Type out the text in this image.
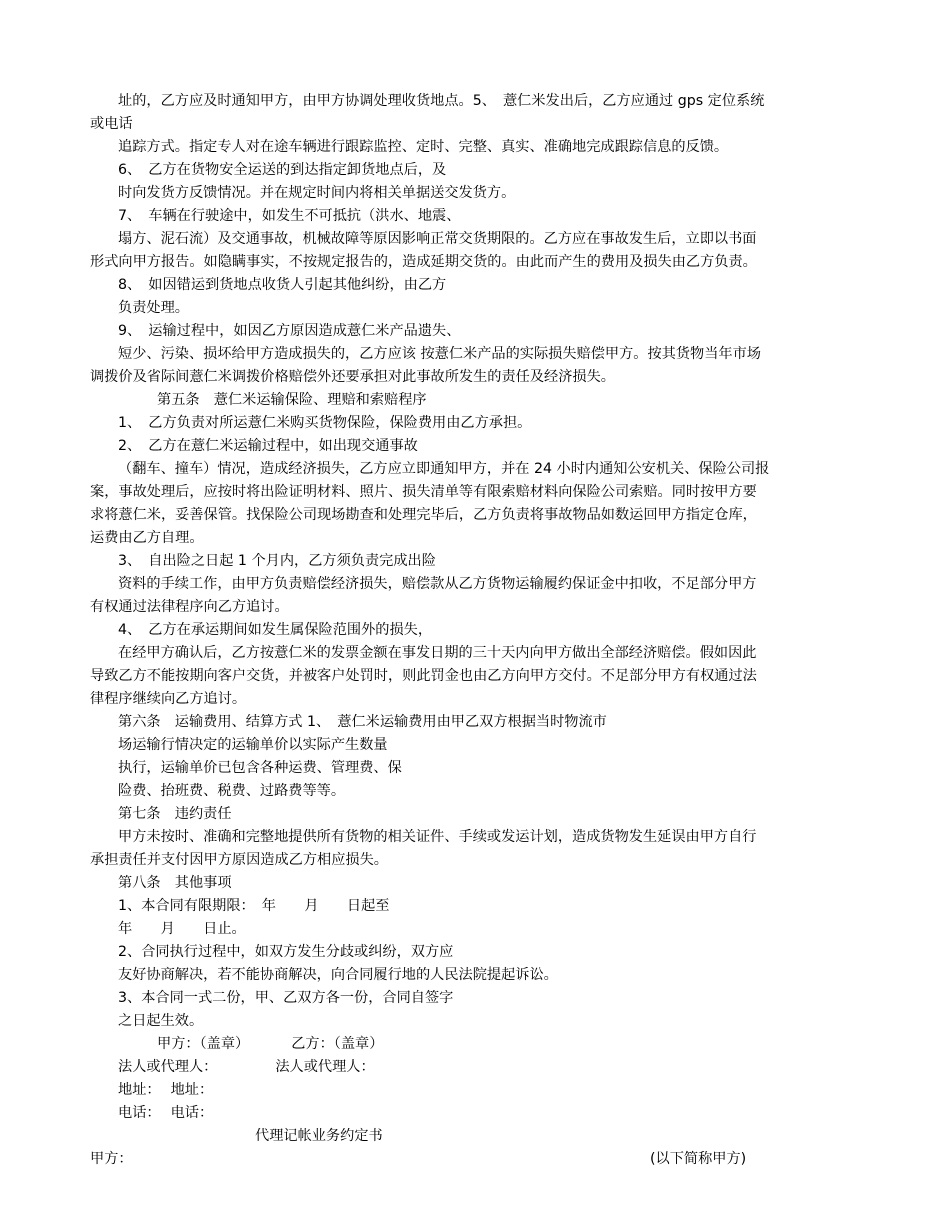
址的，乙方应及时通知甲方，由甲方协调处理收货地点。5、　薏仁米发出后，乙方应通过 gps 定位系统
或电话
追踪方式。指定专人对在途车辆进行跟踪监控、定时、完整、真实、准确地完成跟踪信息的反馈。
6、　乙方在货物安全运送的到达指定卸货地点后，及
时向发货方反馈情况。并在规定时间内将相关单据送交发货方。
7、　车辆在行驶途中，如发生不可抵抗（洪水、地震、
塌方、泥石流）及交通事故，机械故障等原因影响正常交货期限的。乙方应在事故发生后，立即以书面
形式向甲方报告。如隐瞒事实，不按规定报告的，造成延期交货的。由此而产生的费用及损失由乙方负责。
8、　如因错运到货地点收货人引起其他纠纷，由乙方
负责处理。
9、　运输过程中，如因乙方原因造成薏仁米产品遗失、
短少、污染、损坏给甲方造成损失的，乙方应该 按薏仁米产品的实际损失赔偿甲方。按其货物当年市场
调拨价及省际间薏仁米调拨价格赔偿外还要承担对此事故所发生的责任及经济损失。
第五条　薏仁米运输保险、理赔和索赔程序
1、　乙方负责对所运薏仁米购买货物保险，保险费用由乙方承担。
2、　乙方在薏仁米运输过程中，如出现交通事故
（翻车、撞车）情况，造成经济损失，乙方应立即通知甲方，并在 24 小时内通知公安机关、保险公司报
案，事故处理后，应按时将出险证明材料、照片、损失清单等有限索赔材料向保险公司索赔。同时按甲方要
求将薏仁米，妥善保管。找保险公司现场勘查和处理完毕后，乙方负责将事故物品如数运回甲方指定仓库，
运费由乙方自理。
3、　自出险之日起 1 个月内，乙方须负责完成出险
资料的手续工作，由甲方负责赔偿经济损失，赔偿款从乙方货物运输履约保证金中扣收，不足部分甲方
有权通过法律程序向乙方追讨。
4、　乙方在承运期间如发生属保险范围外的损失，
在经甲方确认后，乙方按薏仁米的发票金额在事发日期的三十天内向甲方做出全部经济赔偿。假如因此
导致乙方不能按期向客户交货，并被客户处罚时，则此罚金也由乙方向甲方交付。不足部分甲方有权通过法
律程序继续向乙方追讨。
第六条　运输费用、结算方式 1、　薏仁米运输费用由甲乙双方根据当时物流市
场运输行情决定的运输单价以实际产生数量
执行，运输单价已包含各种运费、管理费、保
险费、抬班费、税费、过路费等等。
第七条　违约责任
甲方未按时、准确和完整地提供所有货物的相关证件、手续或发运计划，造成货物发生延误由甲方自行
承担责任并支付因甲方原因造成乙方相应损失。
第八条　其他事项
1、本合同有限期限：　年　　月　　日起至
年　　月　　日止。
2、合同执行过程中，如双方发生分歧或纠纷，双方应
友好协商解决，若不能协商解决，向合同履行地的人民法院提起诉讼。
3、本合同一式二份，甲、乙双方各一份，合同自签字
之日起生效。
甲方：（盖章）	乙方：（盖章）
法人或代理人：	法人或代理人：
地址： 地址：
电话： 电话：
代理记帐业务约定书
甲方：	(以下简称甲方)
